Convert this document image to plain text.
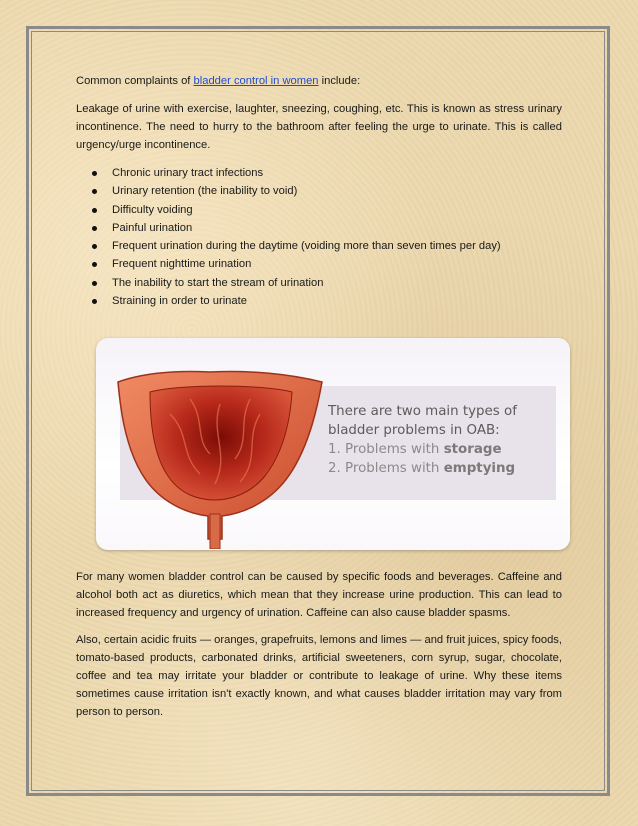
Common complaints of bladder control in women include:

Leakage of urine with exercise, laughter, sneezing, coughing, etc. This is known as stress urinary incontinence. The need to hurry to the bathroom after feeling the urge to urinate. This is called urgency/urge incontinence.

Chronic urinary tract infections
Urinary retention (the inability to void)
Difficulty voiding
Painful urination
Frequent urination during the daytime (voiding more than seven times per day)
Frequent nighttime urination
The inability to start the stream of urination
Straining in order to urinate
There are two main types of
bladder problems in OAB:
1. Problems with storage
2. Problems with emptying

For many women bladder control can be caused by specific foods and beverages. Caffeine and alcohol both act as diuretics, which mean that they increase urine production. This can lead to increased frequency and urgency of urination. Caffeine can also cause bladder spasms.

Also, certain acidic fruits — oranges, grapefruits, lemons and limes — and fruit juices, spicy foods, tomato-based products, carbonated drinks, artificial sweeteners, corn syrup, sugar, chocolate, coffee and tea may irritate your bladder or contribute to leakage of urine. Why these items sometimes cause irritation isn't exactly known, and what causes bladder irritation may vary from person to person.
